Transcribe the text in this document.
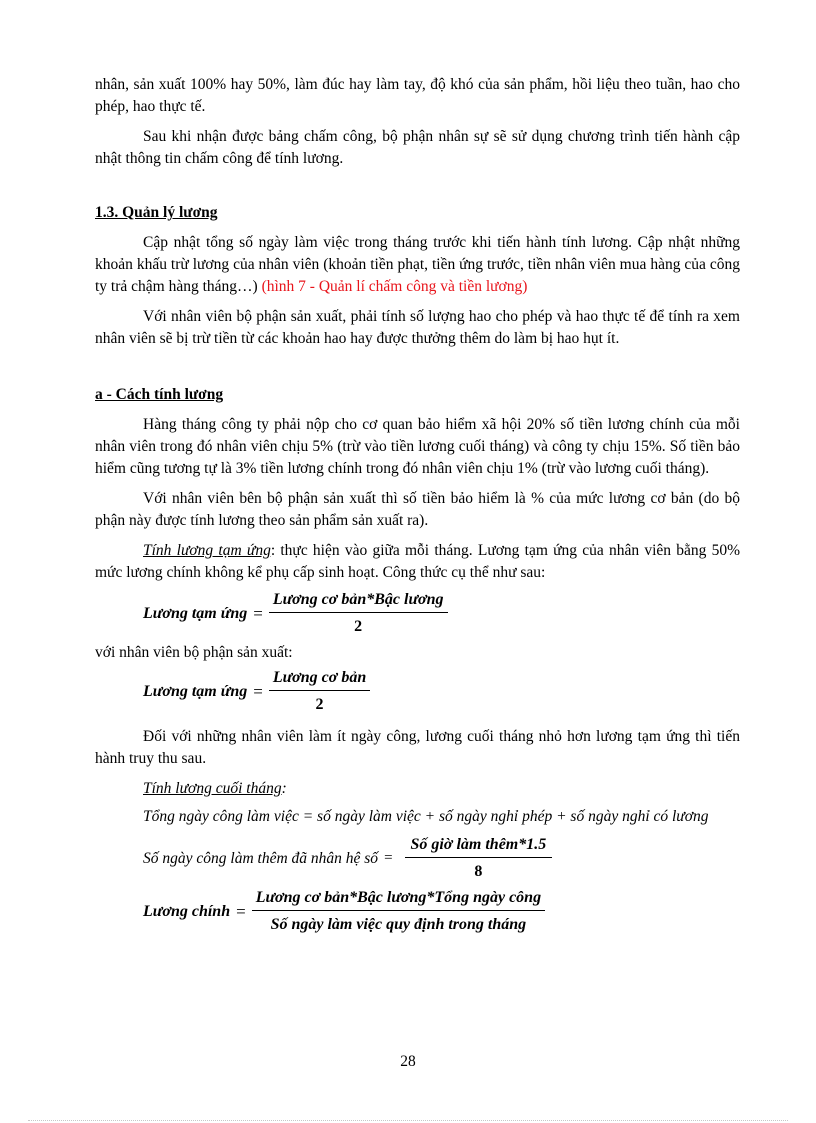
nhân, sản xuất 100% hay 50%, làm đúc hay làm tay, độ khó của sản phẩm, hồi liệu theo tuần, hao cho phép, hao thực tế.

Sau khi nhận được bảng chấm công, bộ phận nhân sự sẽ sử dụng chương trình tiến hành cập nhật thông tin chấm công để tính lương.

1.3. Quản lý lương

Cập nhật tổng số ngày làm việc trong tháng trước khi tiến hành tính lương. Cập nhật những khoản khấu trừ lương của nhân viên (khoản tiền phạt, tiền ứng trước, tiền nhân viên mua hàng của công ty trả chậm hàng tháng…) (hình 7 - Quản lí chấm công và tiền lương)

Với nhân viên bộ phận sản xuất, phải tính số lượng hao cho phép và hao thực tế để tính ra xem nhân viên sẽ bị trừ tiền từ các khoản hao hay được thưởng thêm do làm bị hao hụt ít.

a - Cách tính lương

Hàng tháng công ty phải nộp cho cơ quan bảo hiểm xã hội 20% số tiền lương chính của mỗi nhân viên trong đó nhân viên chịu 5% (trừ vào tiền lương cuối tháng) và công ty chịu 15%. Số tiền bảo hiểm cũng tương tự là 3% tiền lương chính trong đó nhân viên chịu 1% (trừ vào lương cuối tháng).

Với nhân viên bên bộ phận sản xuất thì số tiền bảo hiểm là % của mức lương cơ bản (do bộ phận này được tính lương theo sản phẩm sản xuất ra).

Tính lương tạm ứng: thực hiện vào giữa mỗi tháng. Lương tạm ứng của nhân viên bằng 50% mức lương chính không kể phụ cấp sinh hoạt. Công thức cụ thể như sau:

Lương tạm ứng = $\frac{\text{Lương cơ bản*Bậc lương}}{2}$

với nhân viên bộ phận sản xuất:

Lương tạm ứng = $\frac{\text{Lương cơ bản}}{2}$

Đối với những nhân viên làm ít ngày công, lương cuối tháng nhỏ hơn lương tạm ứng thì tiến hành truy thu sau.

Tính lương cuối tháng:

Tổng ngày công làm việc = số ngày làm việc + số ngày nghỉ phép + số ngày nghỉ có lương

Số ngày công làm thêm đã nhân hệ số = $\frac{\text{Số giờ làm thêm*1.5}}{8}$
Lương chính = $\frac{\text{Lương cơ bản*Bậc lương*Tổng ngày công}}{\text{Số ngày làm việc quy định trong tháng}}$
28
